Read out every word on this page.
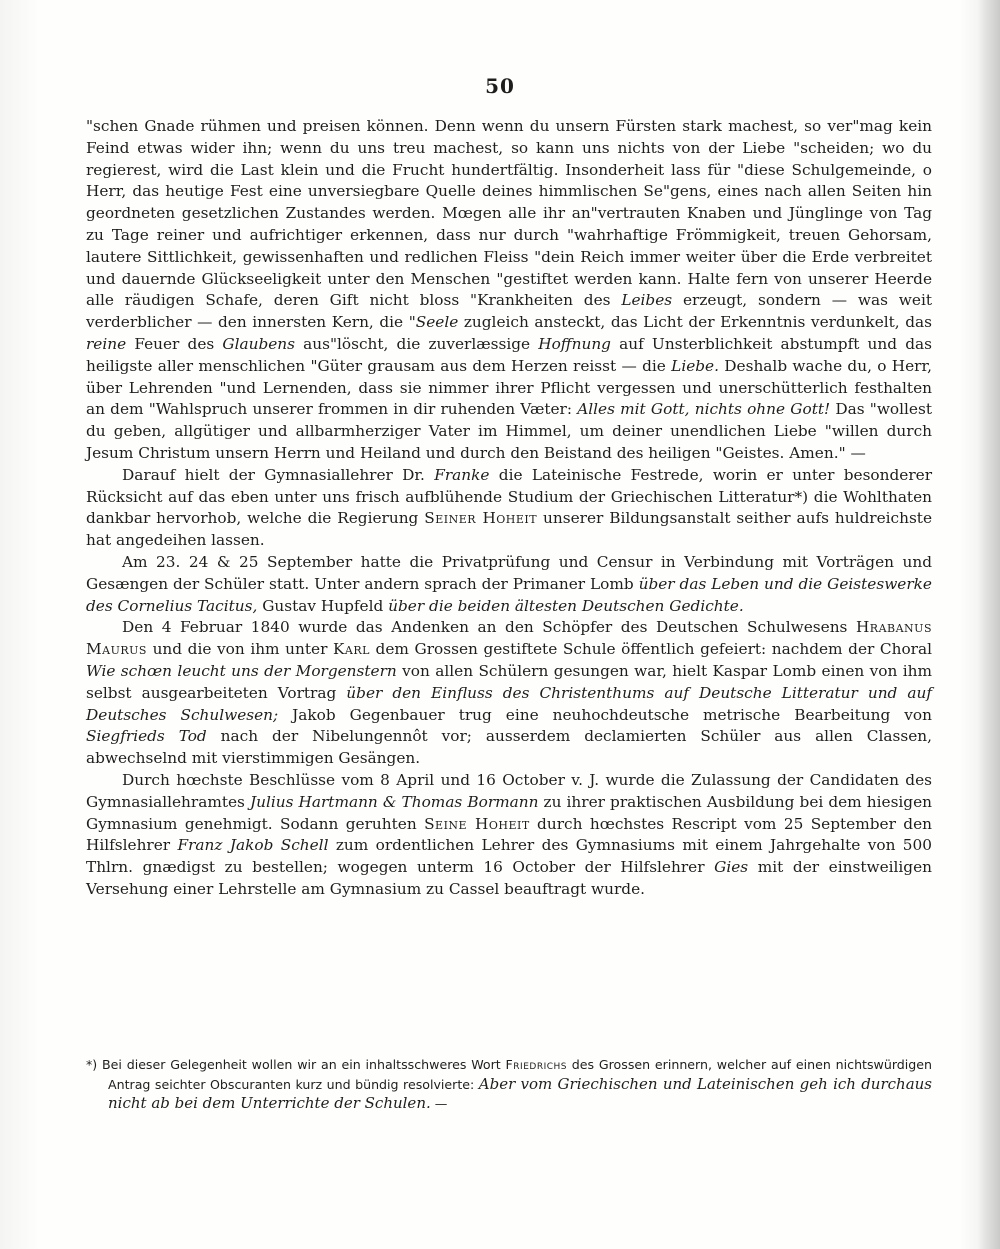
50

"schen Gnade rühmen und preisen können. Denn wenn du unsern Fürsten stark machest, so ver"mag kein Feind etwas wider ihn; wenn du uns treu machest, so kann uns nichts von der Liebe "scheiden; wo du regierest, wird die Last klein und die Frucht hundertfältig. Insonderheit lass für "diese Schulgemeinde, o Herr, das heutige Fest eine unversiegbare Quelle deines himmlischen Se"gens, eines nach allen Seiten hin geordneten gesetzlichen Zustandes werden. Mœgen alle ihr an"vertrauten Knaben und Jünglinge von Tag zu Tage reiner und aufrichtiger erkennen, dass nur durch "wahrhaftige Frömmigkeit, treuen Gehorsam, lautere Sittlichkeit, gewissenhaften und redlichen Fleiss "dein Reich immer weiter über die Erde verbreitet und dauernde Glückseeligkeit unter den Menschen "gestiftet werden kann. Halte fern von unserer Heerde alle räudigen Schafe, deren Gift nicht bloss "Krankheiten des Leibes erzeugt, sondern — was weit verderblicher — den innersten Kern, die "Seele zugleich ansteckt, das Licht der Erkenntnis verdunkelt, das reine Feuer des Glaubens aus"löscht, die zuverlæssige Hoffnung auf Unsterblichkeit abstumpft und das heiligste aller menschlichen "Güter grausam aus dem Herzen reisst — die Liebe. Deshalb wache du, o Herr, über Lehrenden "und Lernenden, dass sie nimmer ihrer Pflicht vergessen und unerschütterlich festhalten an dem "Wahlspruch unserer frommen in dir ruhenden Væter: Alles mit Gott, nichts ohne Gott! Das "wollest du geben, allgütiger und allbarmherziger Vater im Himmel, um deiner unendlichen Liebe "willen durch Jesum Christum unsern Herrn und Heiland und durch den Beistand des heiligen "Geistes. Amen." —

Darauf hielt der Gymnasiallehrer Dr. Franke die Lateinische Festrede, worin er unter besonderer Rücksicht auf das eben unter uns frisch aufblühende Studium der Griechischen Litteratur*) die Wohlthaten dankbar hervorhob, welche die Regierung Seiner Hoheit unserer Bildungsanstalt seither aufs huldreichste hat angedeihen lassen.

Am 23. 24 & 25 September hatte die Privatprüfung und Censur in Verbindung mit Vorträgen und Gesængen der Schüler statt. Unter andern sprach der Primaner Lomb über das Leben und die Geisteswerke des Cornelius Tacitus, Gustav Hupfeld über die beiden ältesten Deutschen Gedichte.

Den 4 Februar 1840 wurde das Andenken an den Schöpfer des Deutschen Schulwesens Hrabanus Maurus und die von ihm unter Karl dem Grossen gestiftete Schule öffentlich gefeiert: nachdem der Choral Wie schœn leucht uns der Morgenstern von allen Schülern gesungen war, hielt Kaspar Lomb einen von ihm selbst ausgearbeiteten Vortrag über den Einfluss des Christenthums auf Deutsche Litteratur und auf Deutsches Schulwesen; Jakob Gegenbauer trug eine neuhochdeutsche metrische Bearbeitung von Siegfrieds Tod nach der Nibelungennôt vor; ausserdem declamierten Schüler aus allen Classen, abwechselnd mit vierstimmigen Gesängen.

Durch hœchste Beschlüsse vom 8 April und 16 October v. J. wurde die Zulassung der Candidaten des Gymnasiallehramtes Julius Hartmann & Thomas Bormann zu ihrer praktischen Ausbildung bei dem hiesigen Gymnasium genehmigt. Sodann geruhten Seine Hoheit durch hœchstes Rescript vom 25 September den Hilfslehrer Franz Jakob Schell zum ordentlichen Lehrer des Gymnasiums mit einem Jahrgehalte von 500 Thlrn. gnædigst zu bestellen; wogegen unterm 16 October der Hilfslehrer Gies mit der einstweiligen Versehung einer Lehrstelle am Gymnasium zu Cassel beauftragt wurde.

*) Bei dieser Gelegenheit wollen wir an ein inhaltsschweres Wort Friedrichs des Grossen erinnern, welcher auf einen nichtswürdigen Antrag seichter Obscuranten kurz und bündig resolvierte: Aber vom Griechischen und Lateinischen geh ich durchaus nicht ab bei dem Unterrichte der Schulen. —
